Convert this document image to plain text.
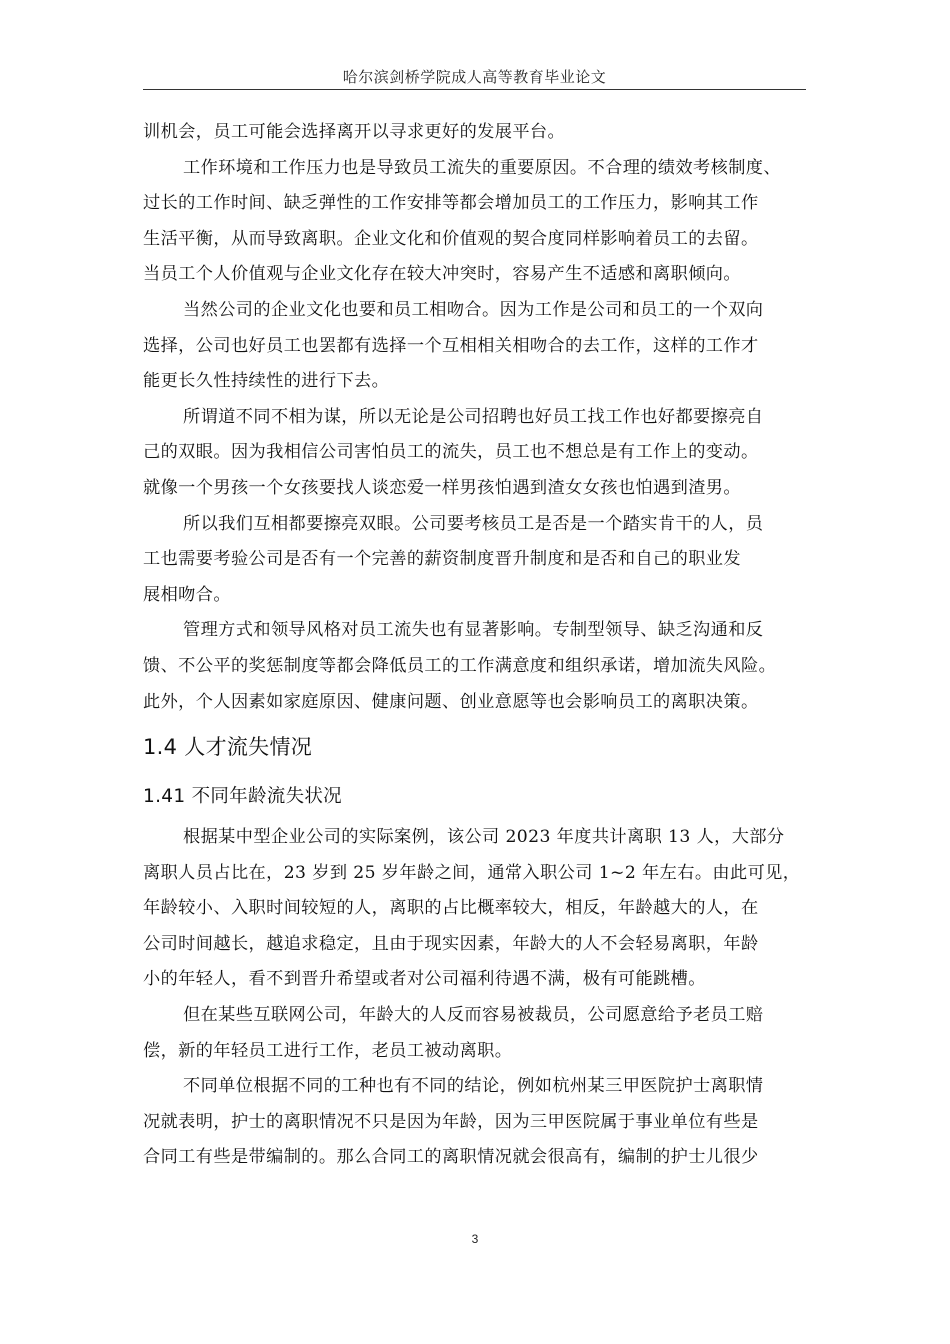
哈尔滨剑桥学院成人高等教育毕业论文
训机会，员工可能会选择离开以寻求更好的发展平台。
工作环境和工作压力也是导致员工流失的重要原因。不合理的绩效考核制度、
过长的工作时间、缺乏弹性的工作安排等都会增加员工的工作压力，影响其工作
生活平衡，从而导致离职。企业文化和价值观的契合度同样影响着员工的去留。
当员工个人价值观与企业文化存在较大冲突时，容易产生不适感和离职倾向。
当然公司的企业文化也要和员工相吻合。因为工作是公司和员工的一个双向
选择，公司也好员工也罢都有选择一个互相相关相吻合的去工作，这样的工作才
能更长久性持续性的进行下去。
所谓道不同不相为谋，所以无论是公司招聘也好员工找工作也好都要擦亮自
己的双眼。因为我相信公司害怕员工的流失，员工也不想总是有工作上的变动。
就像一个男孩一个女孩要找人谈恋爱一样男孩怕遇到渣女女孩也怕遇到渣男。
所以我们互相都要擦亮双眼。公司要考核员工是否是一个踏实肯干的人，员
工也需要考验公司是否有一个完善的薪资制度晋升制度和是否和自己的职业发
展相吻合。
管理方式和领导风格对员工流失也有显著影响。专制型领导、缺乏沟通和反
馈、不公平的奖惩制度等都会降低员工的工作满意度和组织承诺，增加流失风险。
此外，个人因素如家庭原因、健康问题、创业意愿等也会影响员工的离职决策。
1.4 人才流失情况
1.41 不同年龄流失状况
根据某中型企业公司的实际案例，该公司 2023 年度共计离职 13 人，大部分
离职人员占比在，23 岁到 25 岁年龄之间，通常入职公司 1~2 年左右。由此可见，
年龄较小、入职时间较短的人，离职的占比概率较大，相反，年龄越大的人，在
公司时间越长，越追求稳定，且由于现实因素，年龄大的人不会轻易离职，年龄
小的年轻人，看不到晋升希望或者对公司福利待遇不满，极有可能跳槽。
但在某些互联网公司，年龄大的人反而容易被裁员，公司愿意给予老员工赔
偿，新的年轻员工进行工作，老员工被动离职。
不同单位根据不同的工种也有不同的结论，例如杭州某三甲医院护士离职情
况就表明，护士的离职情况不只是因为年龄，因为三甲医院属于事业单位有些是
合同工有些是带编制的。那么合同工的离职情况就会很高有，编制的护士儿很少
3
